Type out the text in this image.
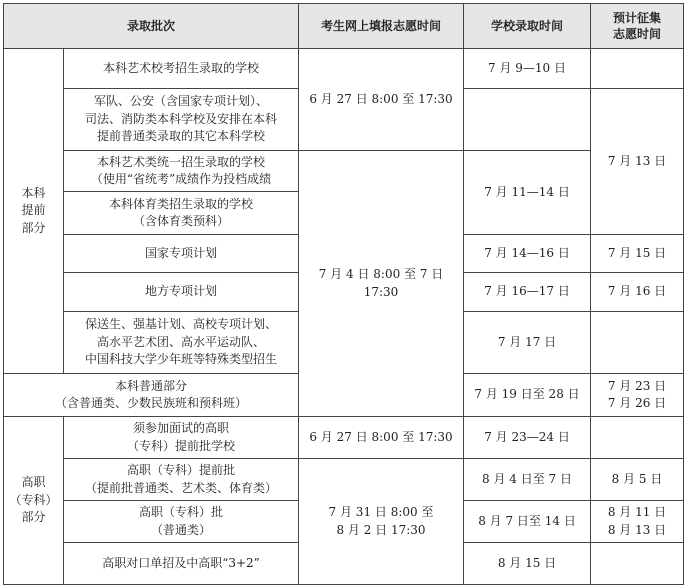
录取批次		考生网上填报志愿时间	学校录取时间	预计征集
志愿时间

本科
提前
部分	本科艺术校考招生录取的学校	6 月 27 日 8:00 至 17:30	7 月 9—10 日	

	军队、公安（含国家专项计划）、
司法、消防类本科学校及安排在本科
提前普通类录取的其它本科学校			7 月 13 日

	本科艺术类统一招生录取的学校
（使用“省统考”成绩作为投档成绩	7 月 4 日 8:00 至 7 日 17:30	7 月 11—14 日	

	本科体育类招生录取的学校
（含体育类预科）			

	国家专项计划		7 月 14—16 日	7 月 15 日

	地方专项计划		7 月 16—17 日	7 月 16 日

	保送生、强基计划、高校专项计划、
高水平艺术团、高水平运动队、
中国科技大学少年班等特殊类型招生		7 月 17 日	

本科普通部分
（含普通类、少数民族班和预科班）			7 月 19 日至 28 日	7 月 23 日
7 月 26 日

高职
（专科）
部分	须参加面试的高职
（专科）提前批学校	6 月 27 日 8:00 至 17:30	7 月 23—24 日	

	高职（专科）提前批
（提前批普通类、艺术类、体育类）	7 月 31 日 8:00 至
8 月 2 日 17:30	8 月 4 日至 7 日	8 月 5 日

	高职（专科）批
（普通类）		8 月 7 日至 14 日	8 月 11 日
8 月 13 日

	高职对口单招及中高职“3+2”		8 月 15 日	
